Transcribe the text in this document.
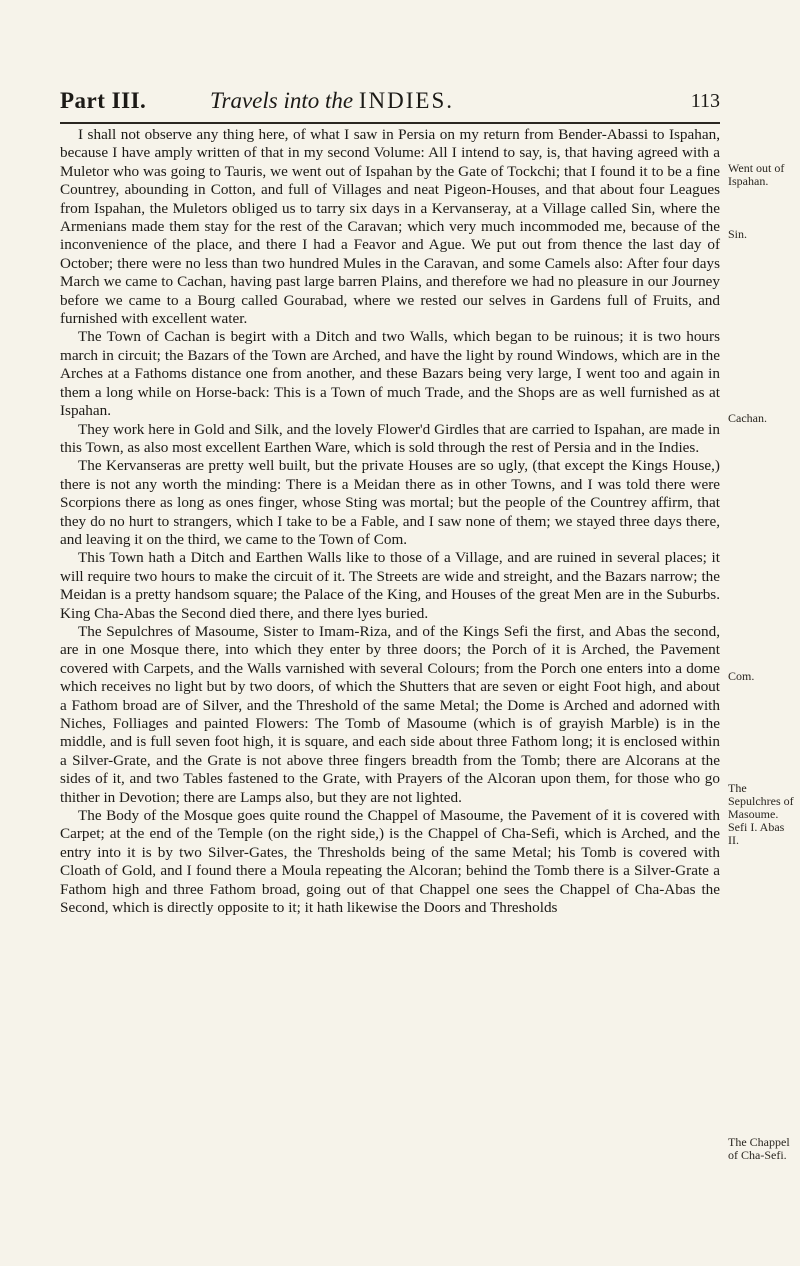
Part III.	Travels into the INDIES.	113

I shall not observe any thing here, of what I saw in Persia on my return from Bender-Abassi to Ispahan, because I have amply written of that in my second Volume: All I intend to say, is, that having agreed with a Muletor who was going to Tauris, we went out of Ispahan by the Gate of Tockchi; that I found it to be a fine Countrey, abounding in Cotton, and full of Villages and neat Pigeon-Houses, and that about four Leagues from Ispahan, the Muletors obliged us to tarry six days in a Kervanseray, at a Village called Sin, where the Armenians made them stay for the rest of the Caravan; which very much incommoded me, because of the inconvenience of the place, and there I had a Feavor and Ague. We put out from thence the last day of October; there were no less than two hundred Mules in the Caravan, and some Camels also: After four days March we came to Cachan, having past large barren Plains, and therefore we had no pleasure in our Journey before we came to a Bourg called Gourabad, where we rested our selves in Gardens full of Fruits, and furnished with excellent water.

The Town of Cachan is begirt with a Ditch and two Walls, which began to be ruinous; it is two hours march in circuit; the Bazars of the Town are Arched, and have the light by round Windows, which are in the Arches at a Fathoms distance one from another, and these Bazars being very large, I went too and again in them a long while on Horse-back: This is a Town of much Trade, and the Shops are as well furnished as at Ispahan.

They work here in Gold and Silk, and the lovely Flower'd Girdles that are carried to Ispahan, are made in this Town, as also most excellent Earthen Ware, which is sold through the rest of Persia and in the Indies.

The Kervanseras are pretty well built, but the private Houses are so ugly, (that except the Kings House,) there is not any worth the minding: There is a Meidan there as in other Towns, and I was told there were Scorpions there as long as ones finger, whose Sting was mortal; but the people of the Countrey affirm, that they do no hurt to strangers, which I take to be a Fable, and I saw none of them; we stayed three days there, and leaving it on the third, we came to the Town of Com.

This Town hath a Ditch and Earthen Walls like to those of a Village, and are ruined in several places; it will require two hours to make the circuit of it. The Streets are wide and streight, and the Bazars narrow; the Meidan is a pretty handsom square; the Palace of the King, and Houses of the great Men are in the Suburbs. King Cha-Abas the Second died there, and there lyes buried.

The Sepulchres of Masoume, Sister to Imam-Riza, and of the Kings Sefi the first, and Abas the second, are in one Mosque there, into which they enter by three doors; the Porch of it is Arched, the Pavement covered with Carpets, and the Walls varnished with several Colours; from the Porch one enters into a dome which receives no light but by two doors, of which the Shutters that are seven or eight Foot high, and about a Fathom broad are of Silver, and the Threshold of the same Metal; the Dome is Arched and adorned with Niches, Folliages and painted Flowers: The Tomb of Masoume (which is of grayish Marble) is in the middle, and is full seven foot high, it is square, and each side about three Fathom long; it is enclosed within a Silver-Grate, and the Grate is not above three fingers breadth from the Tomb; there are Alcorans at the sides of it, and two Tables fastened to the Grate, with Prayers of the Alcoran upon them, for those who go thither in Devotion; there are Lamps also, but they are not lighted.

The Body of the Mosque goes quite round the Chappel of Masoume, the Pavement of it is covered with Carpet; at the end of the Temple (on the right side,) is the Chappel of Cha-Sefi, which is Arched, and the entry into it is by two Silver-Gates, the Thresholds being of the same Metal; his Tomb is covered with Cloath of Gold, and I found there a Moula repeating the Alcoran; behind the Tomb there is a Silver-Grate a Fathom high and three Fathom broad, going out of that Chappel one sees the Chappel of Cha-Abas the Second, which is directly opposite to it; it hath likewise the Doors and Thresholds

Went out of Ispahan.
Sin.
Cachan.
Com.
The Sepulchres of Masoume. Sefi I. Abas II.
The Chappel of Cha-Sefi.
